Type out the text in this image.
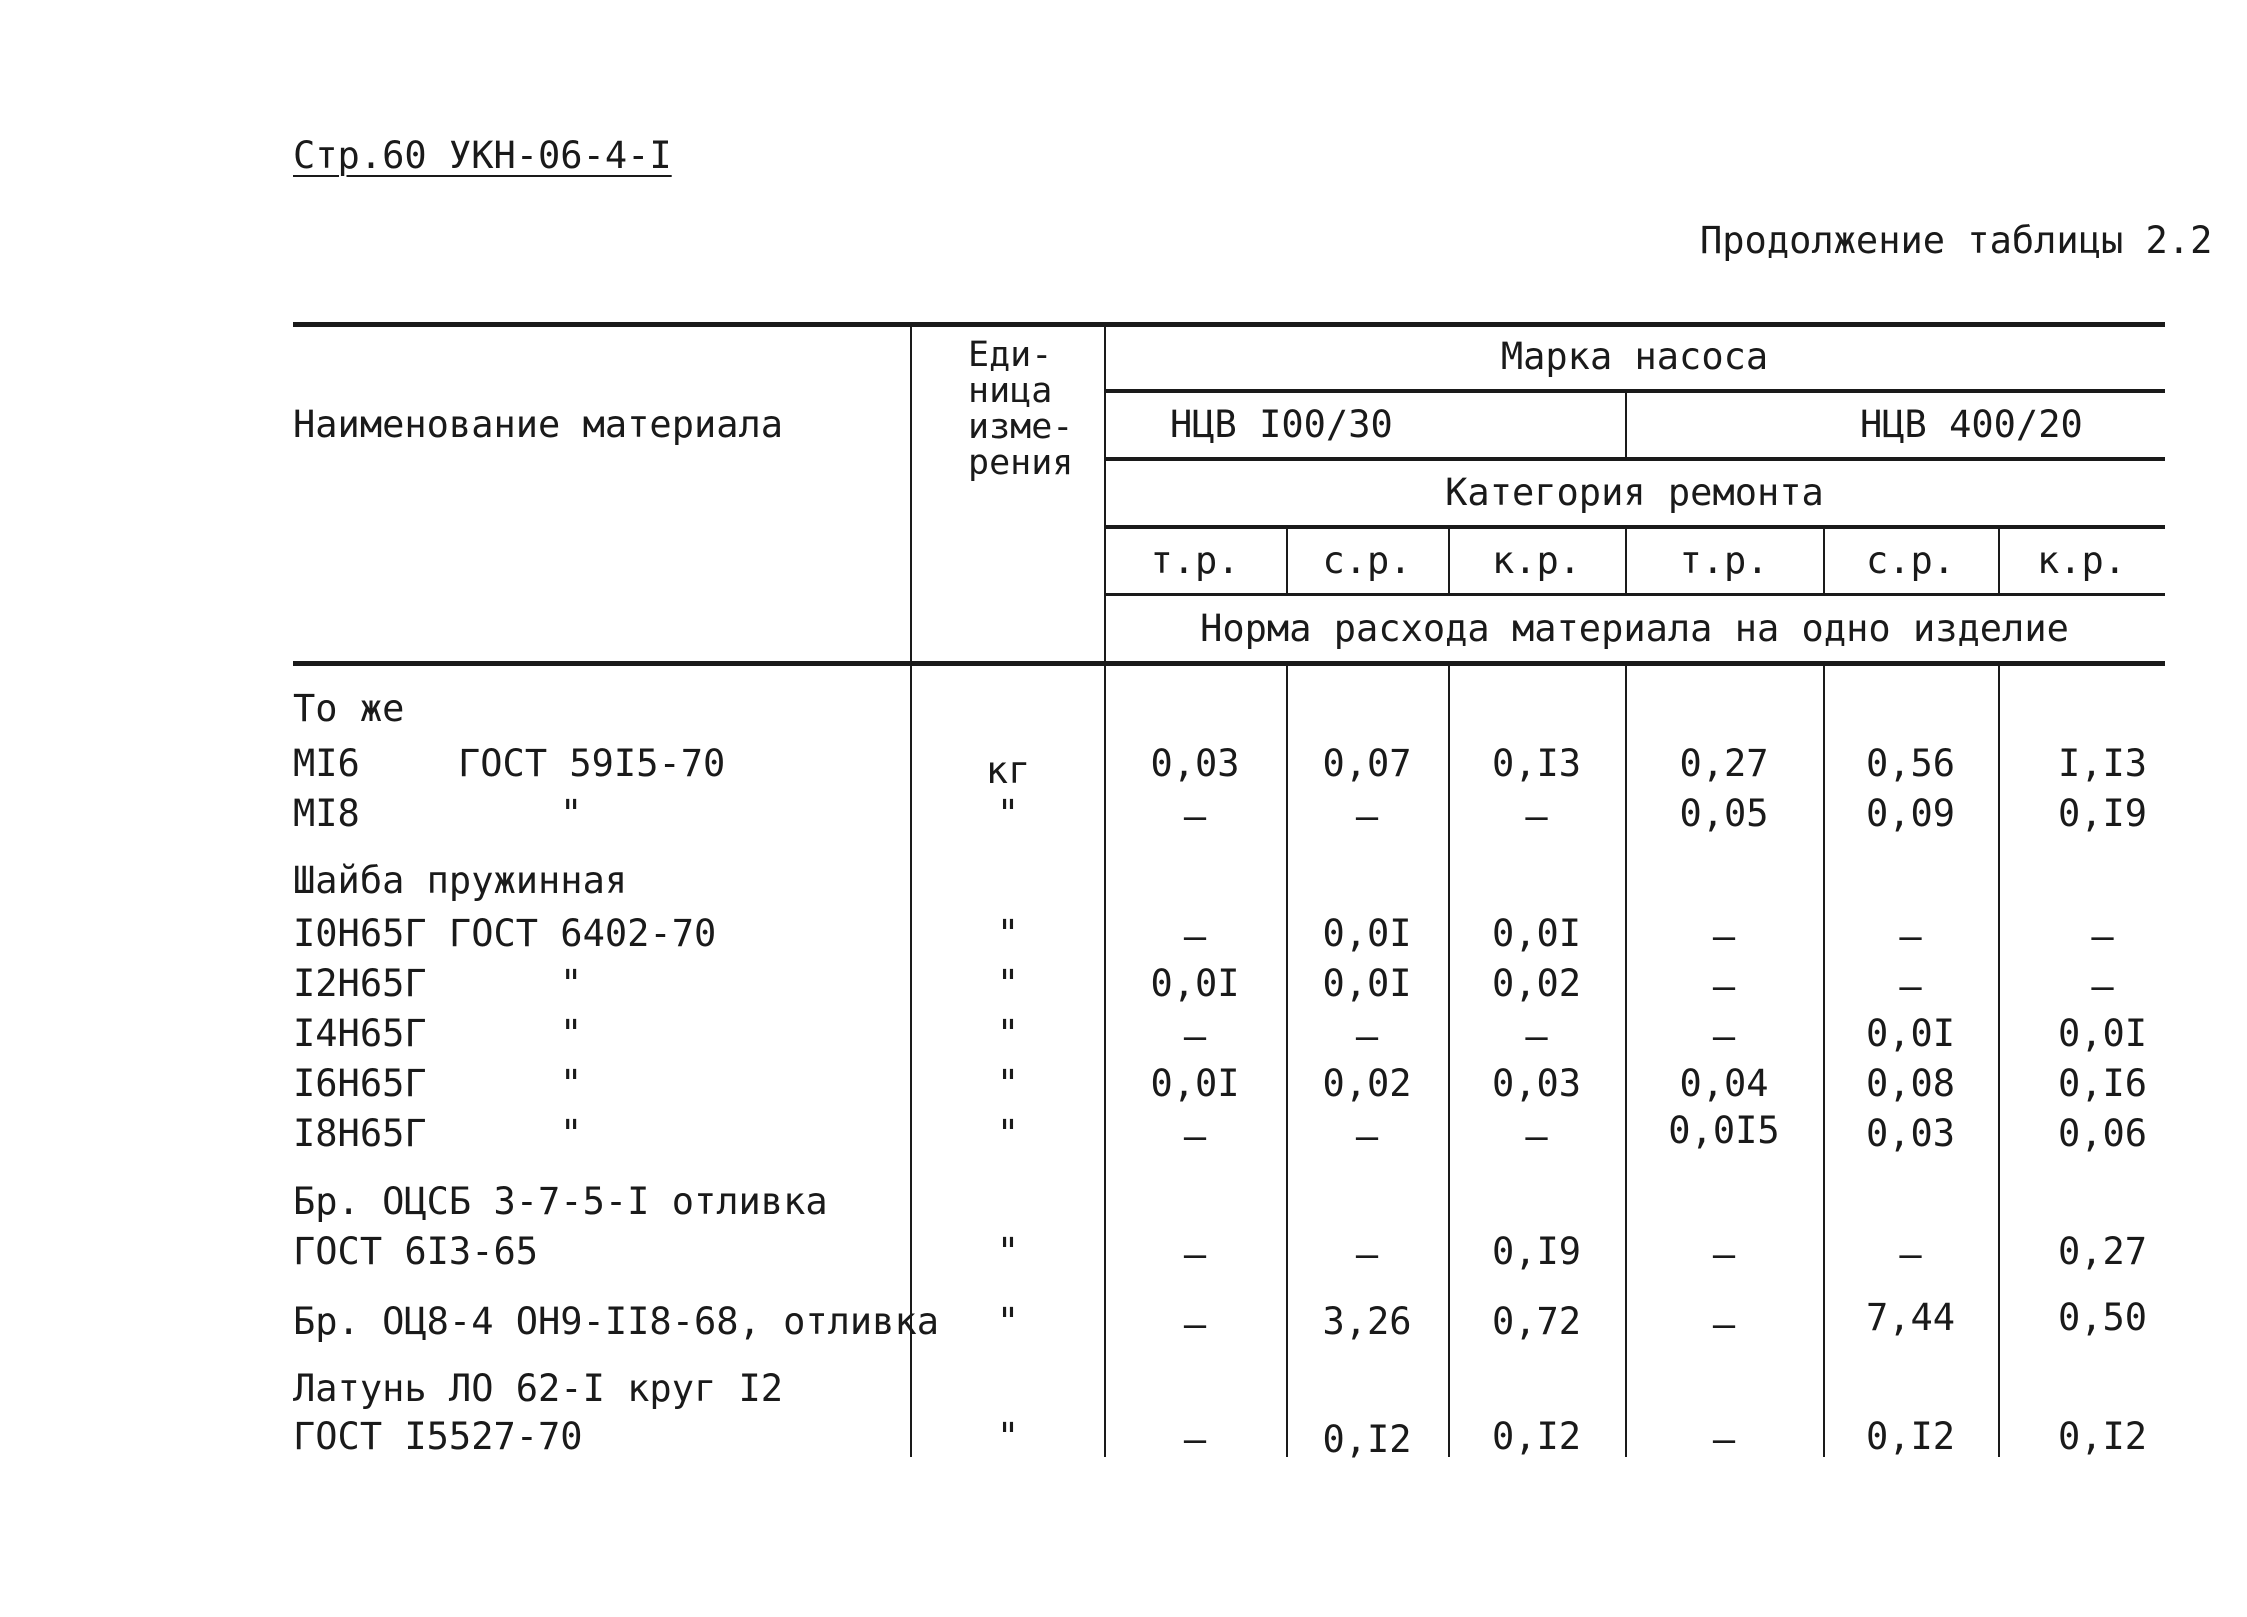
Стр.60 УКН-06-4-I
Продолжение таблицы 2.2
Наименование материала
Еди-
ница
изме-
рения
Марка насоса
НЦВ I00/30	НЦВ 400/20
Категория ремонта
т.р.	с.р.	к.р.	т.р.	с.р.	к.р.
Норма расхода материала на одно изделие
То же
Шайба пружинная
Бр. ОЦСБ 3-7-5-I отливка
Латунь ЛО 62-I круг I2
MI6	ГОСТ 59I5-70	кг	0,03	0,07	0,I3	0,27	0,56	I,I3
MI8	"	"	–	–	–	0,05	0,09	0,I9
I0Н65Г ГОСТ 6402-70	"	–	0,0I	0,0I	–	–	–
I2Н65Г	"	"	0,0I	0,0I	0,02	–	–	–
I4Н65Г	"	"	–	–	–	–	0,0I	0,0I
I6Н65Г	"	"	0,0I	0,02	0,03	0,04	0,08	0,I6
I8Н65Г	"	"	–	–	–	0,0I5	0,03	0,06
ГОСТ 6I3-65	"	–	–	0,I9	–	–	0,27
Бр. ОЦ8-4 ОН9-II8-68, отливка	"	–	3,26	0,72	–	7,44	0,50
ГОСТ I5527-70	"	–	0,I2	0,I2	–	0,I2	0,I2
